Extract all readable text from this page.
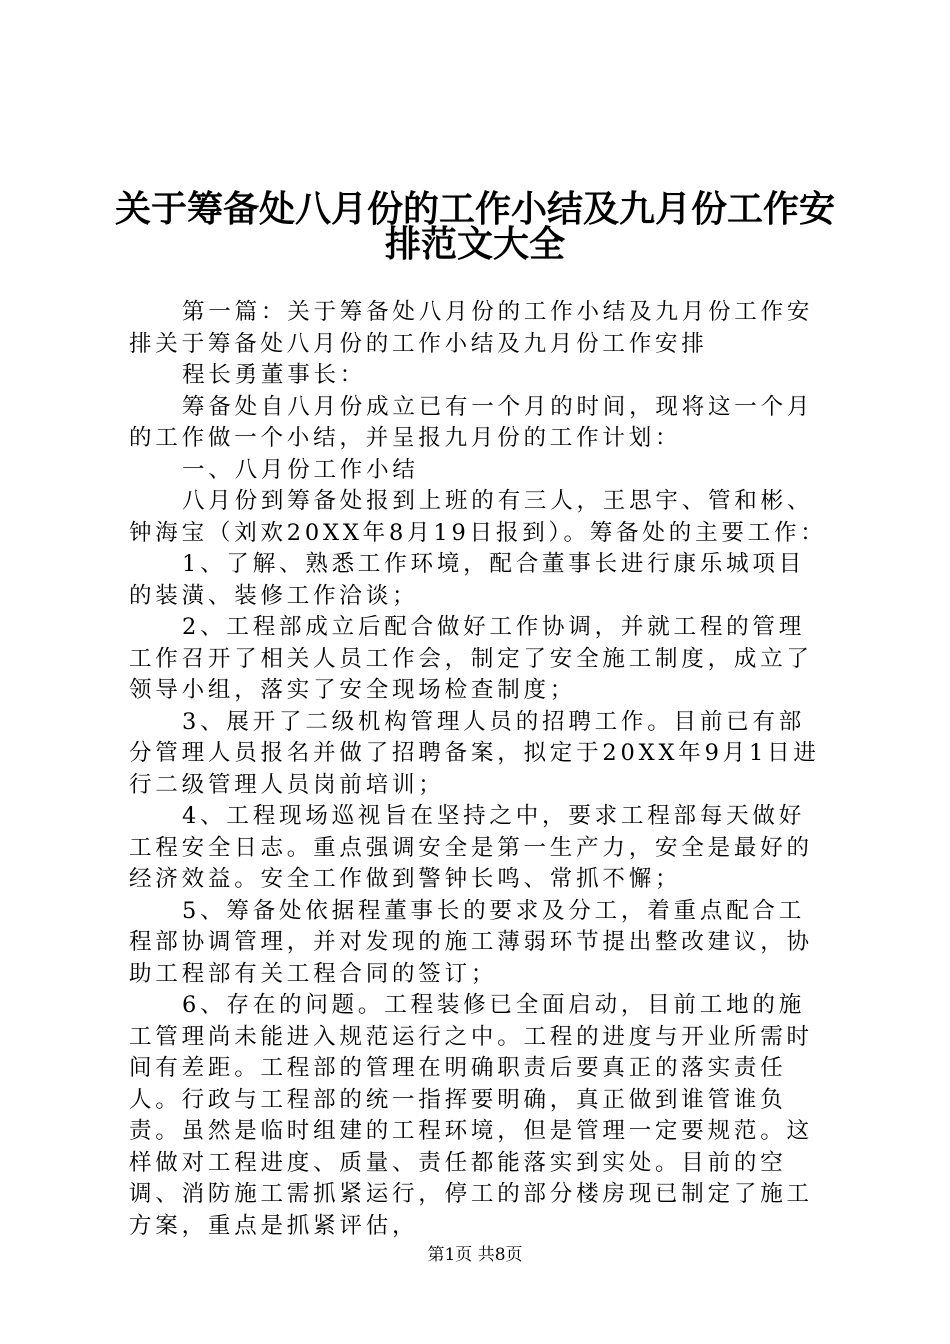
关于筹备处八月份的工作小结及九月份工作安
排范文大全

第一篇：关于筹备处八月份的工作小结及九月份工作安排关于筹备处八月份的工作小结及九月份工作安排

程长勇董事长：

筹备处自八月份成立已有一个月的时间，现将这一个月的工作做一个小结，并呈报九月份的工作计划：

一、八月份工作小结

八月份到筹备处报到上班的有三人，王思宇、管和彬、钟海宝（刘欢20XX年8月19日报到）。筹备处的主要工作：

1、了解、熟悉工作环境，配合董事长进行康乐城项目的装潢、装修工作洽谈；

2、工程部成立后配合做好工作协调，并就工程的管理工作召开了相关人员工作会，制定了安全施工制度，成立了领导小组，落实了安全现场检查制度；

3、展开了二级机构管理人员的招聘工作。目前已有部分管理人员报名并做了招聘备案，拟定于20XX年9月1日进行二级管理人员岗前培训；

4、工程现场巡视旨在坚持之中，要求工程部每天做好工程安全日志。重点强调安全是第一生产力，安全是最好的经济效益。安全工作做到警钟长鸣、常抓不懈；

5、筹备处依据程董事长的要求及分工，着重点配合工程部协调管理，并对发现的施工薄弱环节提出整改建议，协助工程部有关工程合同的签订；

6、存在的问题。工程装修已全面启动，目前工地的施工管理尚未能进入规范运行之中。工程的进度与开业所需时间有差距。工程部的管理在明确职责后要真正的落实责任人。行政与工程部的统一指挥要明确，真正做到谁管谁负责。虽然是临时组建的工程环境，但是管理一定要规范。这样做对工程进度、质量、责任都能落实到实处。目前的空调、消防施工需抓紧运行，停工的部分楼房现已制定了施工方案，重点是抓紧评估，

第1页 共8页
